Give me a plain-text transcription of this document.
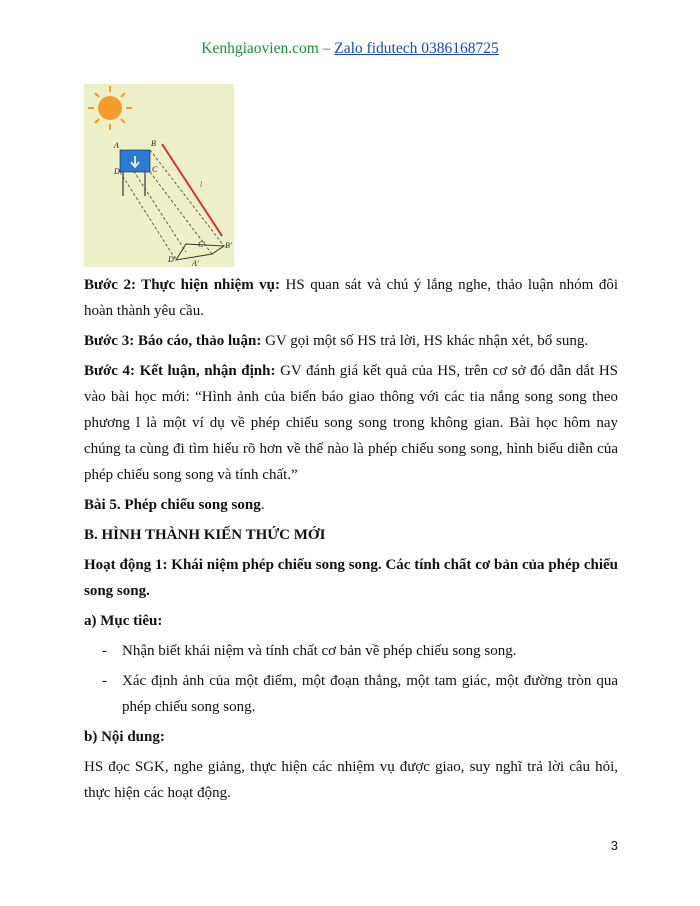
Kenhgiaovien.com – Zalo fidutech 0386168725
A	B
D	C
l
C' B'
D' A'

Bước 2: Thực hiện nhiệm vụ: HS quan sát và chú ý lắng nghe, thảo luận nhóm đôi hoàn thành yêu cầu.

Bước 3: Báo cáo, thảo luận: GV gọi một số HS trả lời, HS khác nhận xét, bổ sung.

Bước 4: Kết luận, nhận định: GV đánh giá kết quả của HS, trên cơ sở đó dẫn dắt HS vào bài học mới: “Hình ảnh của biển báo giao thông với các tia nắng song song theo phương l là một ví dụ về phép chiếu song song trong không gian. Bài học hôm nay chúng ta cùng đi tìm hiểu rõ hơn về thế nào là phép chiếu song song, hình biểu diễn của phép chiếu song song và tính chất.”

Bài 5. Phép chiếu song song.

B. HÌNH THÀNH KIẾN THỨC MỚI
Hoạt động 1: Khái niệm phép chiếu song song. Các tính chất cơ bản của phép chiếu song song.
a) Mục tiêu:
- Nhận biết khái niệm và tính chất cơ bản về phép chiếu song song.
- Xác định ảnh của một điểm, một đoạn thẳng, một tam giác, một đường tròn qua phép chiếu song song.
b) Nội dung:

HS đọc SGK, nghe giảng, thực hiện các nhiệm vụ được giao, suy nghĩ trả lời câu hỏi, thực hiện các hoạt động.

3
